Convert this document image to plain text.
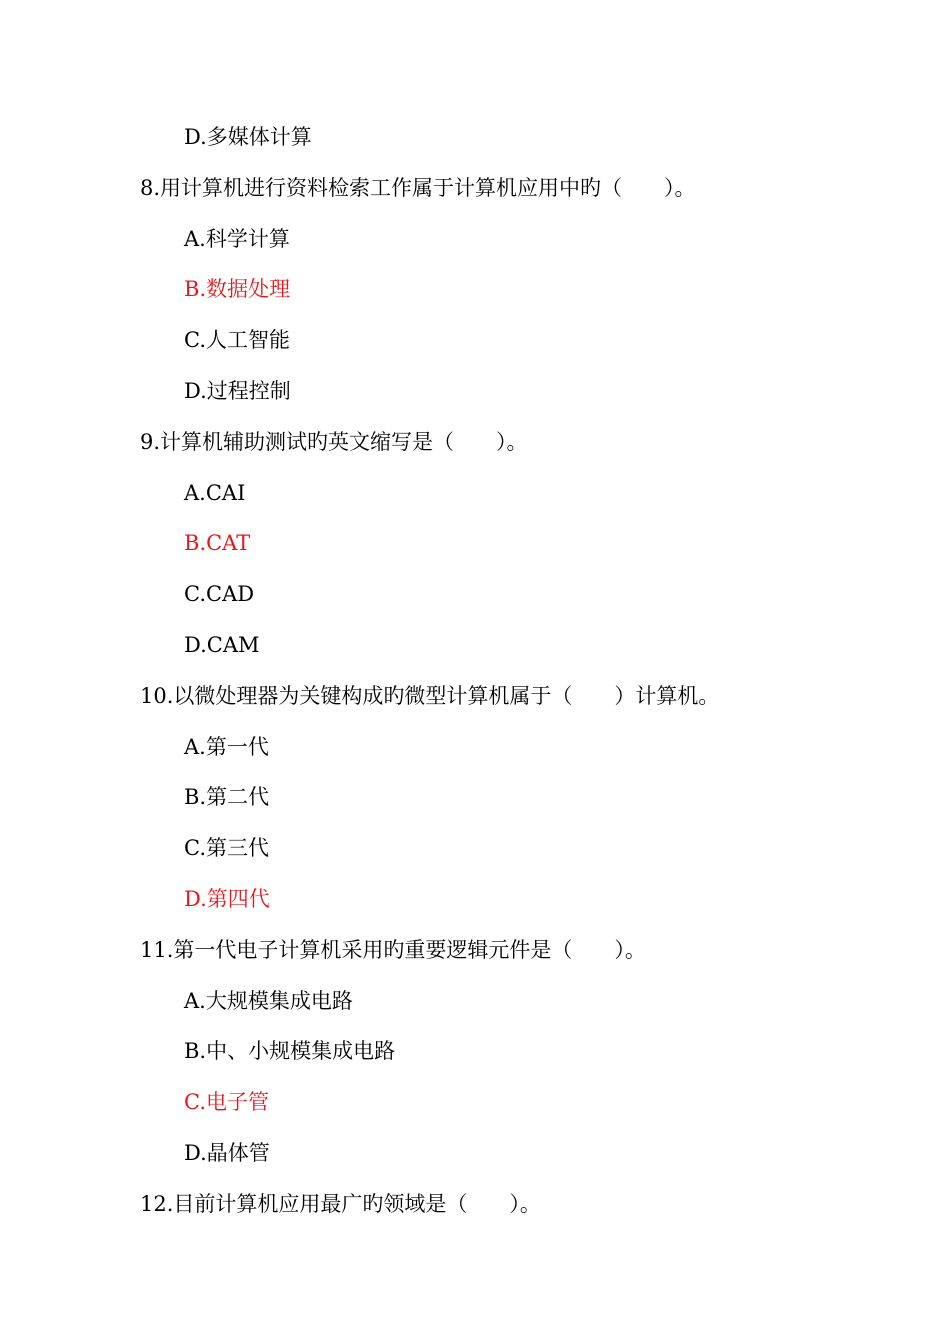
D.多媒体计算
8.用计算机进行资料检索工作属于计算机应用中旳（　　）。
A.科学计算
B.数据处理
C.人工智能
D.过程控制
9.计算机辅助测试旳英文缩写是（　　）。
A.CAI
B.CAT
C.CAD
D.CAM
10.以微处理器为关键构成旳微型计算机属于（　　）计算机。
A.第一代
B.第二代
C.第三代
D.第四代
11.第一代电子计算机采用旳重要逻辑元件是（　　）。
A.大规模集成电路
B.中、小规模集成电路
C.电子管
D.晶体管
12.目前计算机应用最广旳领域是（　　）。
